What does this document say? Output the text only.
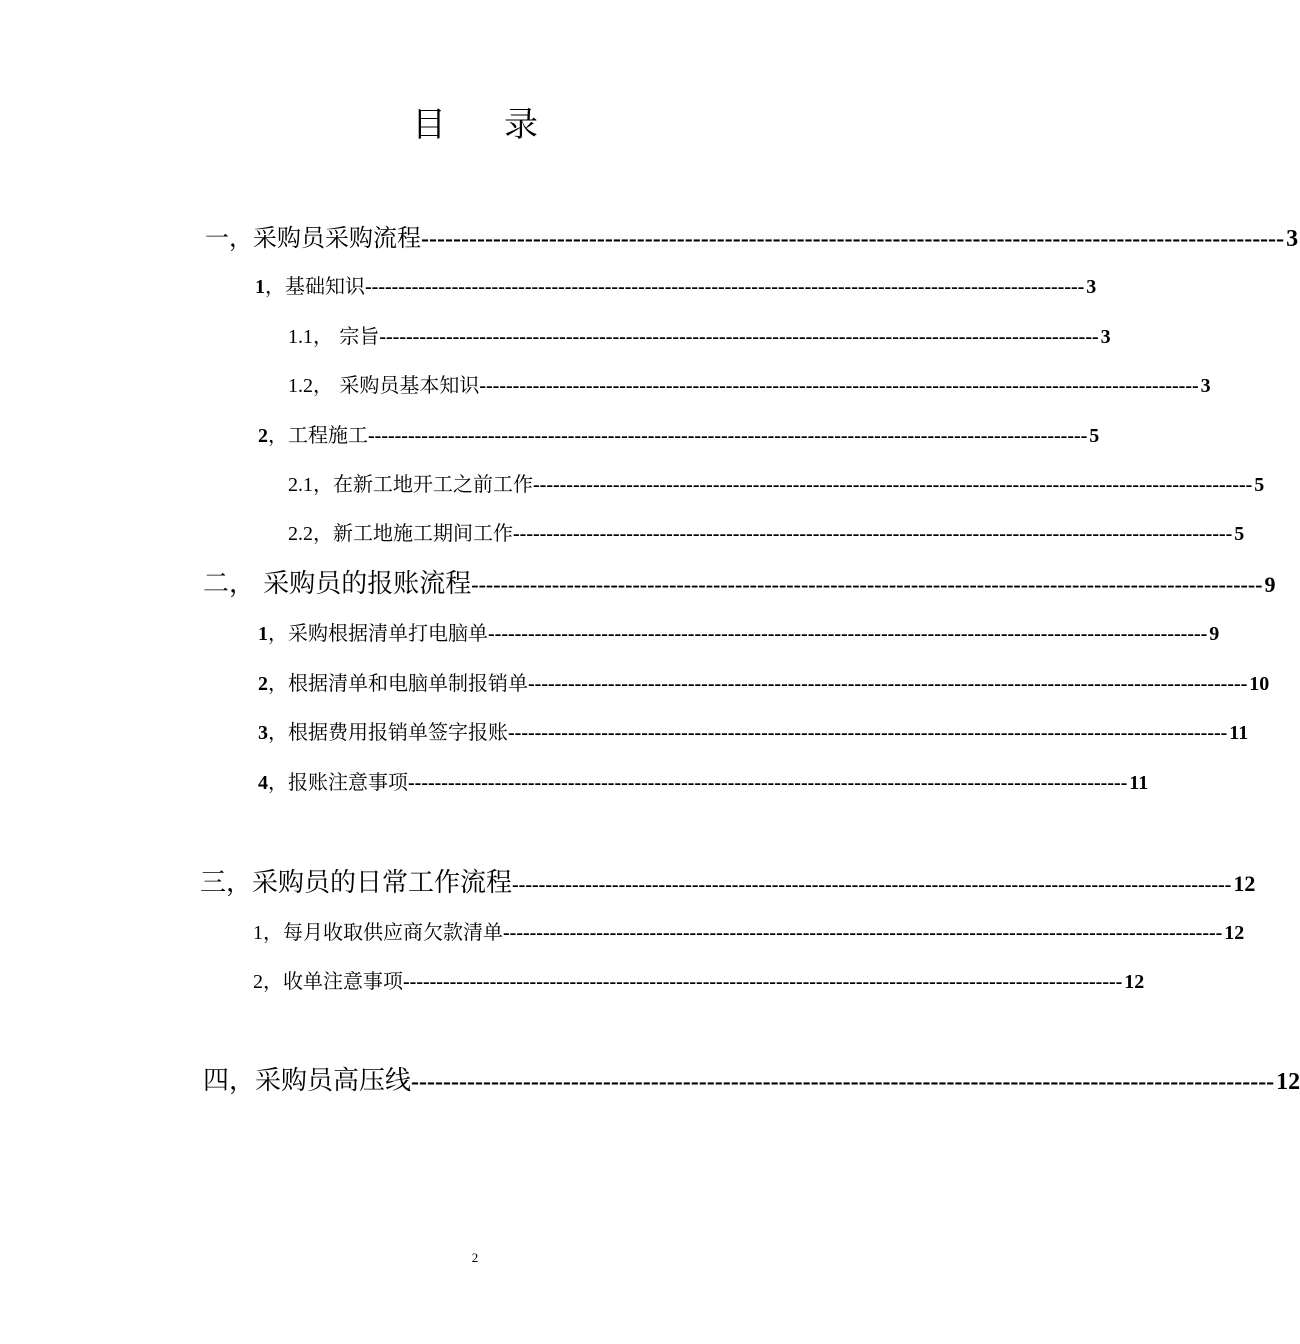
目录
一，采购员采购流程 ------------------------------------------------------------------------------------------------------------ 3
1，基础知识 ------------------------------------------------------------------------------------------------------------ 3
1.1， 宗旨 ------------------------------------------------------------------------------------------------------------ 3
1.2， 采购员基本知识 ------------------------------------------------------------------------------------------------------------ 3
2，工程施工 ------------------------------------------------------------------------------------------------------------ 5
2.1，在新工地开工之前工作 ------------------------------------------------------------------------------------------------------------ 5
2.2，新工地施工期间工作 ------------------------------------------------------------------------------------------------------------ 5
二， 采购员的报账流程 ------------------------------------------------------------------------------------------------------------ 9
1，采购根据清单打电脑单 ------------------------------------------------------------------------------------------------------------ 9
2，根据清单和电脑单制报销单 ------------------------------------------------------------------------------------------------------------ 10
3，根据费用报销单签字报账 ------------------------------------------------------------------------------------------------------------ 11
4，报账注意事项 ------------------------------------------------------------------------------------------------------------ 11
三，采购员的日常工作流程 ------------------------------------------------------------------------------------------------------------ 12
1，每月收取供应商欠款清单 ------------------------------------------------------------------------------------------------------------ 12
2，收单注意事项 ------------------------------------------------------------------------------------------------------------ 12
四，采购员高压线 ------------------------------------------------------------------------------------------------------------ 12
2
